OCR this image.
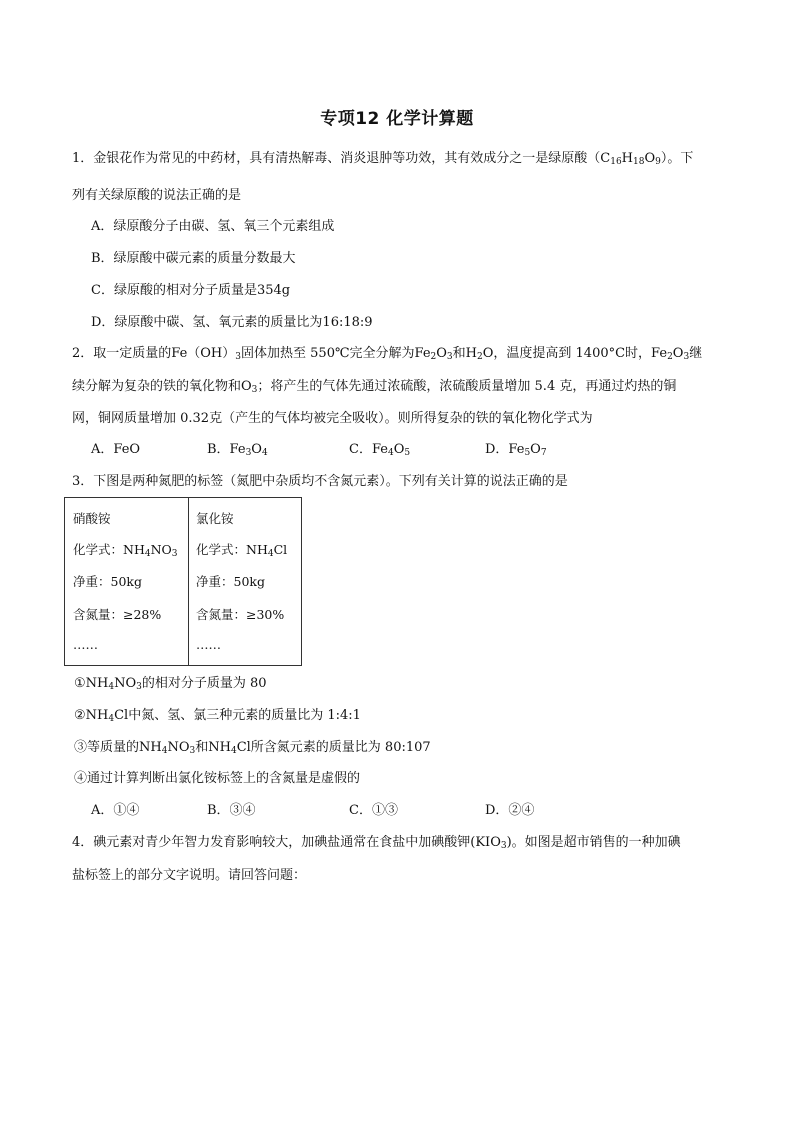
专项12 化学计算题
1．金银花作为常见的中药材，具有清热解毒、消炎退肿等功效，其有效成分之一是绿原酸$(C_{16}H_{18}O_9)$。下
列有关绿原酸的说法正确的是
A．绿原酸分子由碳、氢、氧三个元素组成
B．绿原酸中碳元素的质量分数最大
C．绿原酸的相对分子质量是354g
D．绿原酸中碳、氢、氧元素的质量比为16:18:9
2．取一定质量的$Fe(OH)_3$固体加热至 550℃完全分解为$Fe_2O_3$和$H_2O$，温度提高到 1400°C时，$Fe_2O_3$继
续分解为复杂的铁的氧化物和$O_3$；将产生的气体先通过浓硫酸，浓硫酸质量增加 5.4 克，再通过灼热的铜
网，铜网质量增加 0.32克（产生的气体均被完全吸收）。则所得复杂的铁的氧化物化学式为
A．FeO	B．$Fe_3O_4$	C．$Fe_4O_5$	D．$Fe_5O_7$
3．下图是两种氮肥的标签（氮肥中杂质均不含氮元素）。下列有关计算的说法正确的是
硝酸铵
化学式：$NH_4NO_3$
净重：50kg
含氮量：≥28%
……
氯化铵
化学式：$NH_4Cl$
净重：50kg
含氮量：≥30%
……
$①NH_4NO_3$的相对分子质量为 80
$②NH_4Cl$中氮、氢、氯三种元素的质量比为 1:4:1
③等质量的$NH_4NO_3$和$NH_4Cl$所含氮元素的质量比为 80:107
④通过计算判断出氯化铵标签上的含氮量是虚假的
A．①④	B．③④	C．①③	D．②④
4．碘元素对青少年智力发育影响较大，加碘盐通常在食盐中加碘酸钾$(KIO_3)$。如图是超市销售的一种加碘
盐标签上的部分文字说明。请回答问题：
